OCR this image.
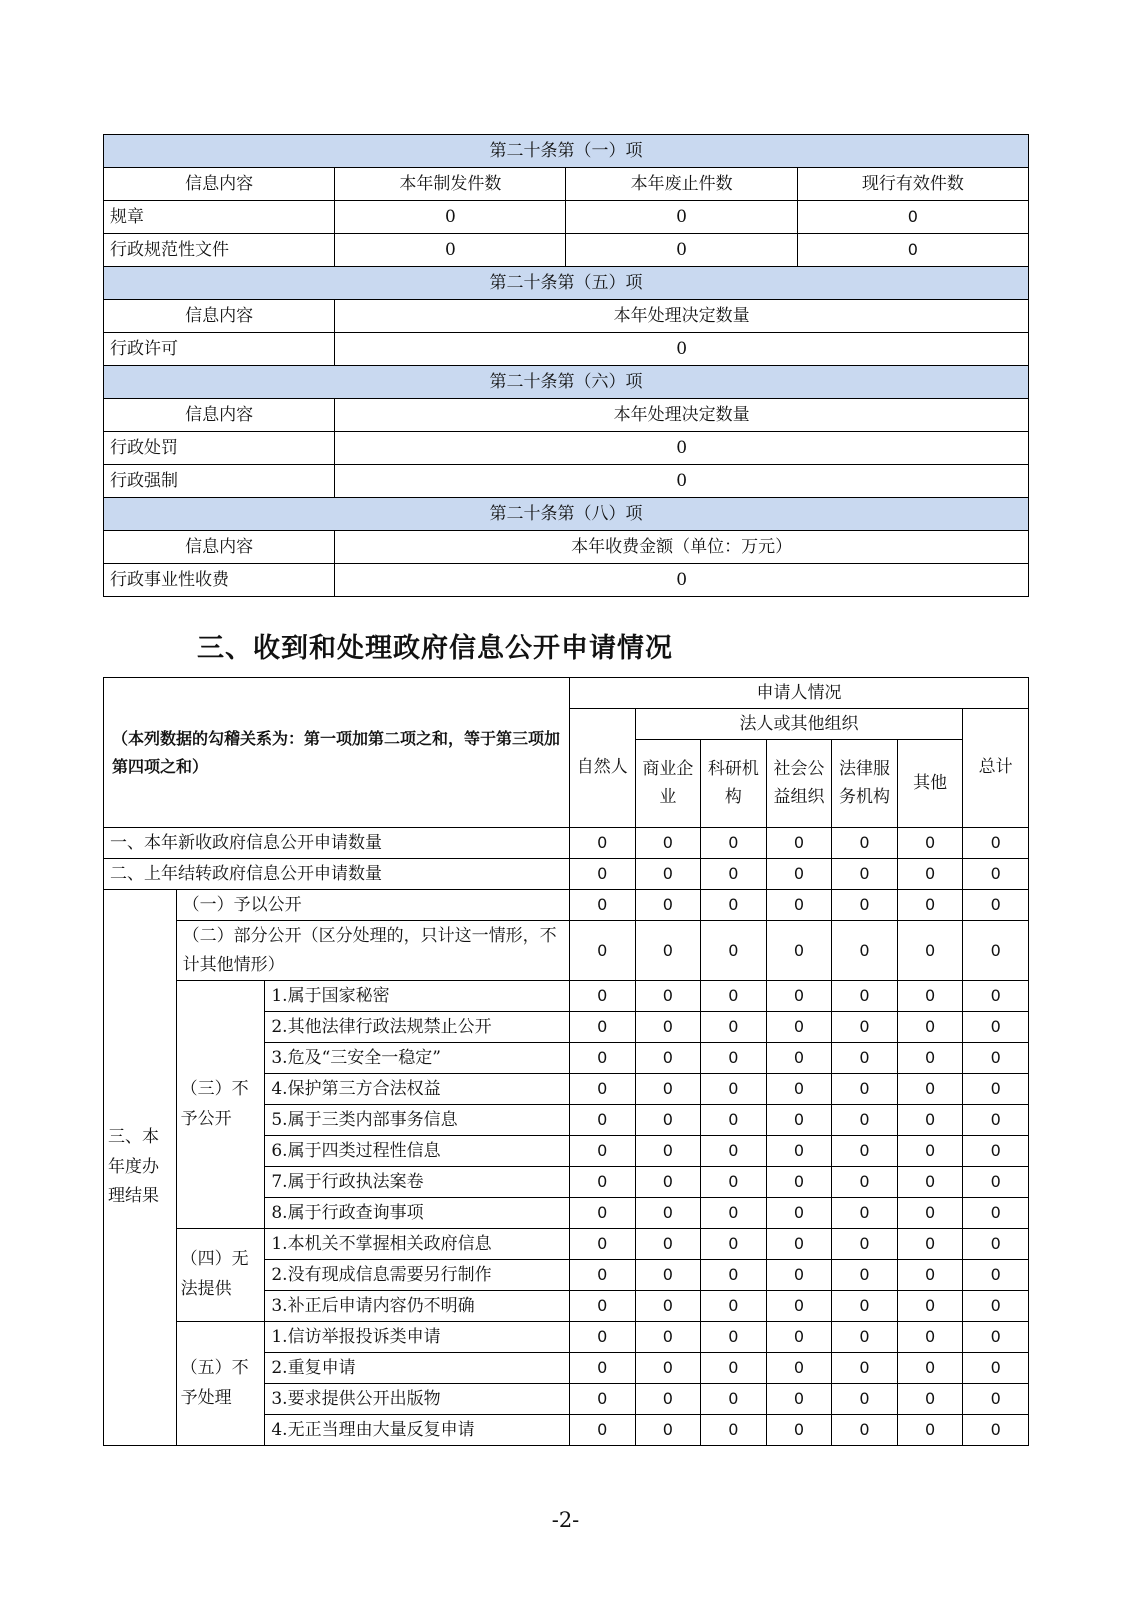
第二十条第（一）项			
信息内容	本年制发件数	本年废止件数	现行有效件数
规章	0	0	0
行政规范性文件	0	0	0
第二十条第（五）项			
信息内容	本年处理决定数量		
行政许可	0		
第二十条第（六）项			
信息内容	本年处理决定数量		
行政处罚	0		
行政强制	0		
第二十条第（八）项			
信息内容	本年收费金额（单位：万元）		
行政事业性收费	0		
三、收到和处理政府信息公开申请情况
（本列数据的勾稽关系为：第一项加第二项之和，等于第三项加第四项之和）			申请人情况						
			自然人	法人或其他组织					总计
				商业企业	科研机构	社会公益组织	法律服务机构	其他	
一、本年新收政府信息公开申请数量			0	0	0	0	0	0	0
二、上年结转政府信息公开申请数量			0	0	0	0	0	0	0
三、本年度办理结果	（一）予以公开		0	0	0	0	0	0	0
	（二）部分公开（区分处理的，只计这一情形，不计其他情形）		0	0	0	0	0	0	0
	（三）不予公开	1.属于国家秘密	0	0	0	0	0	0	0
		2.其他法律行政法规禁止公开	0	0	0	0	0	0	0
		3.危及“三安全一稳定”	0	0	0	0	0	0	0
		4.保护第三方合法权益	0	0	0	0	0	0	0
		5.属于三类内部事务信息	0	0	0	0	0	0	0
		6.属于四类过程性信息	0	0	0	0	0	0	0
		7.属于行政执法案卷	0	0	0	0	0	0	0
		8.属于行政查询事项	0	0	0	0	0	0	0
	（四）无法提供	1.本机关不掌握相关政府信息	0	0	0	0	0	0	0
		2.没有现成信息需要另行制作	0	0	0	0	0	0	0
		3.补正后申请内容仍不明确	0	0	0	0	0	0	0
	（五）不予处理	1.信访举报投诉类申请	0	0	0	0	0	0	0
		2.重复申请	0	0	0	0	0	0	0
		3.要求提供公开出版物	0	0	0	0	0	0	0
		4.无正当理由大量反复申请	0	0	0	0	0	0	0
-2-
